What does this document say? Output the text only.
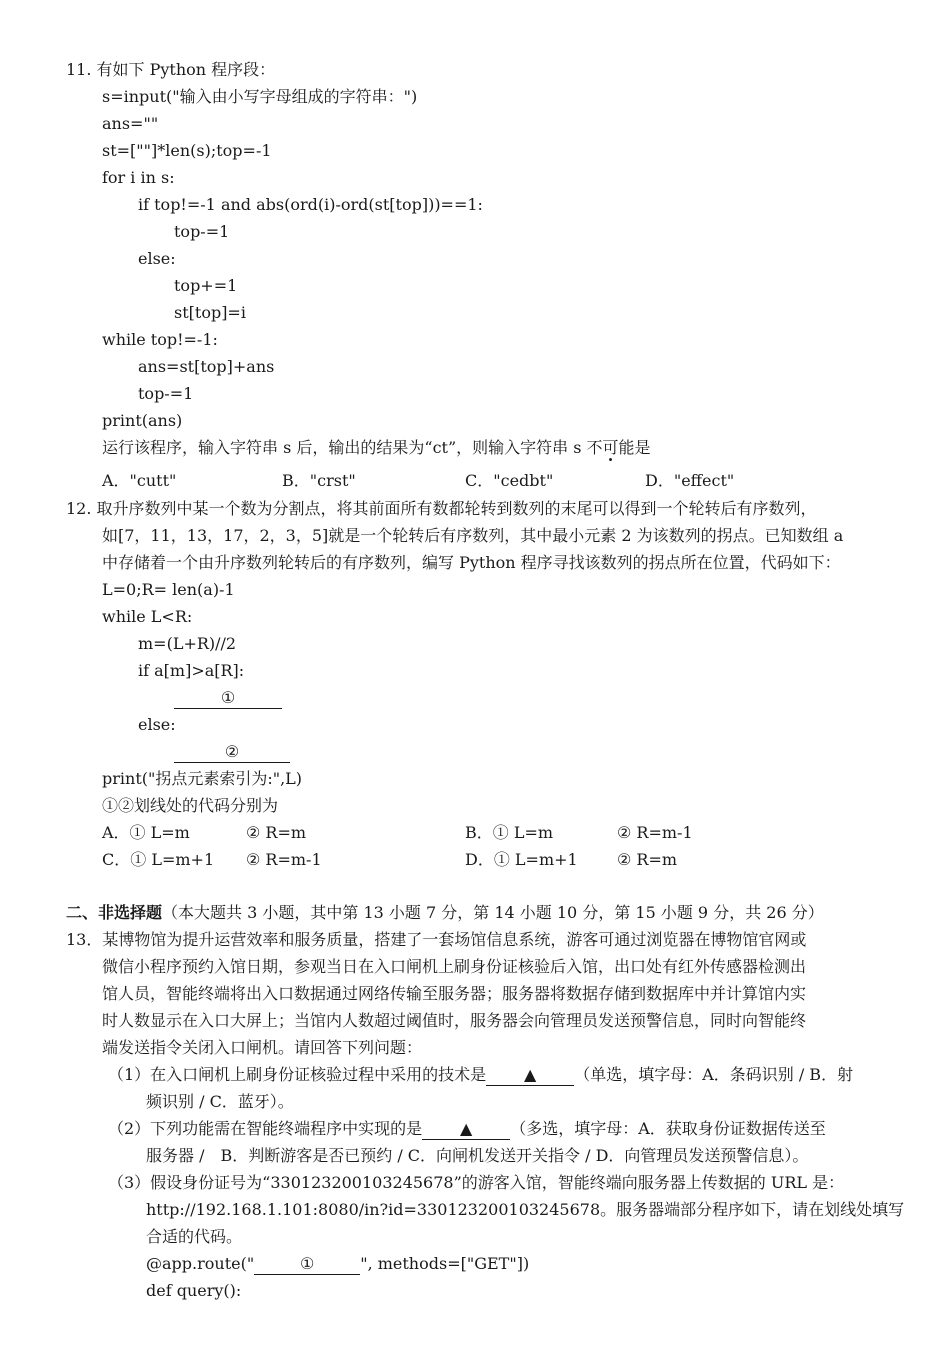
11. 有如下 Python 程序段：
s=input("输入由小写字母组成的字符串：")
ans=""
st=[""]*len(s);top=-1
for i in s:
if top!=-1 and abs(ord(i)-ord(st[top]))==1:
top-=1
else:
top+=1
st[top]=i
while top!=-1:
ans=st[top]+ans
top-=1
print(ans)
运行该程序，输入字符串 s 后，输出的结果为“ct”，则输入字符串 s 不可能是
A．"cutt"	B．"crst"	C．"cedbt"	D．"effect"
12. 取升序数列中某一个数为分割点，将其前面所有数都轮转到数列的末尾可以得到一个轮转后有序数列，
如[7，11，13，17，2，3，5]就是一个轮转后有序数列，其中最小元素 2 为该数列的拐点。已知数组 a
中存储着一个由升序数列轮转后的有序数列，编写 Python 程序寻找该数列的拐点所在位置，代码如下：
L=0;R= len(a)-1
while L<R:
m=(L+R)//2
if a[m]>a[R]:
①
else:
②
print("拐点元素索引为:",L)
①②划线处的代码分别为
A．① L=m	② R=m	B．① L=m	② R=m-1
C．① L=m+1 ② R=m-1	D．① L=m+1 ② R=m
二、非选择题（本大题共 3 小题，其中第 13 小题 7 分，第 14 小题 10 分，第 15 小题 9 分，共 26 分）
13．某博物馆为提升运营效率和服务质量，搭建了一套场馆信息系统，游客可通过浏览器在博物馆官网或
微信小程序预约入馆日期，参观当日在入口闸机上刷身份证核验后入馆，出口处有红外传感器检测出
馆人员，智能终端将出入口数据通过网络传输至服务器；服务器将数据存储到数据库中并计算馆内实
时人数显示在入口大屏上；当馆内人数超过阈值时，服务器会向管理员发送预警信息，同时向智能终
端发送指令关闭入口闸机。请回答下列问题：
（1）在入口闸机上刷身份证核验过程中采用的技术是 ▲ （单选，填字母：A．条码识别 / B．射
频识别 / C．蓝牙）。
（2）下列功能需在智能终端程序中实现的是 ▲ （多选，填字母：A．获取身份证数据传送至
服务器 /　B．判断游客是否已预约 / C．向闸机发送开关指令 / D．向管理员发送预警信息）。
（3）假设身份证号为“330123200103245678”的游客入馆，智能终端向服务器上传数据的 URL 是：
http://192.168.1.101:8080/in?id=330123200103245678。服务器端部分程序如下，请在划线处填写
合适的代码。
@app.route("	①	", methods=["GET"])
def query():
